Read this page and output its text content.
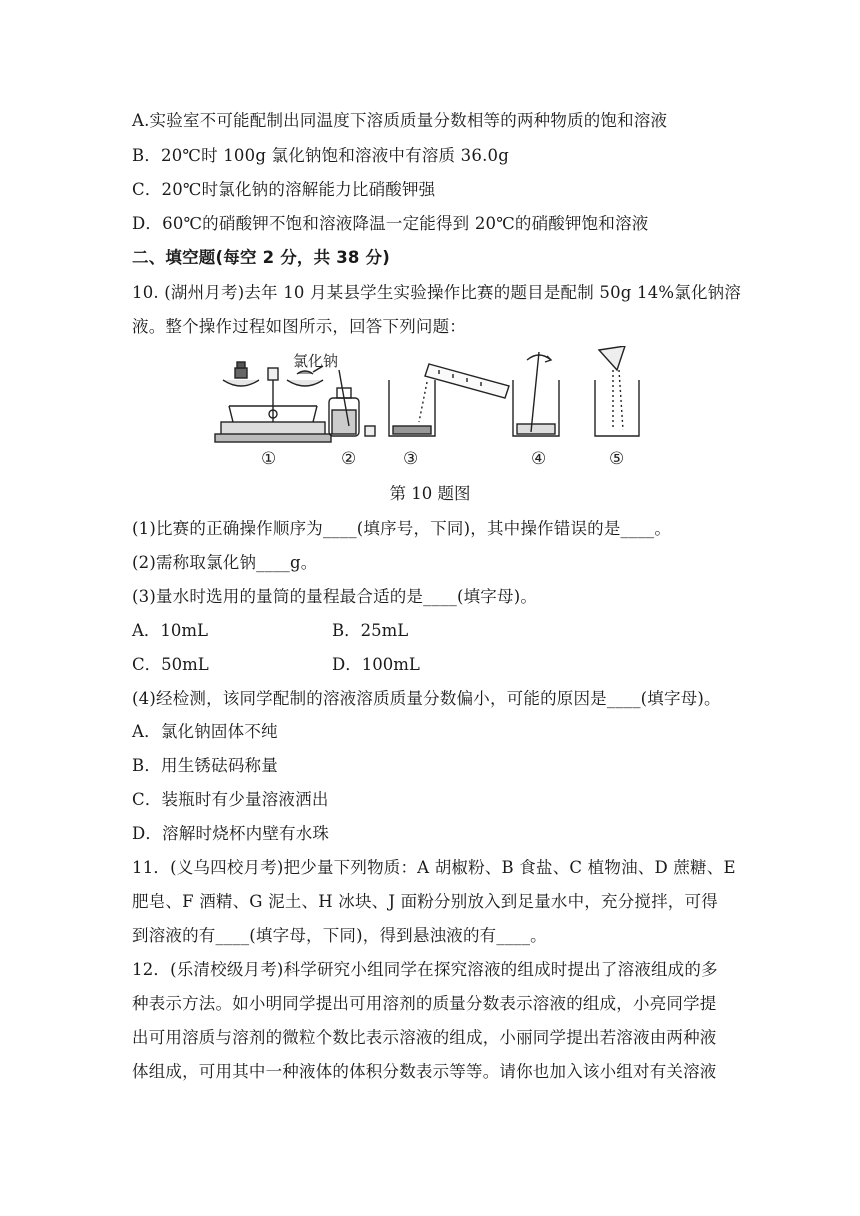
A.实验室不可能配制出同温度下溶质质量分数相等的两种物质的饱和溶液
B．20℃时 100g 氯化钠饱和溶液中有溶质 36.0g
C．20℃时氯化钠的溶解能力比硝酸钾强
D．60℃的硝酸钾不饱和溶液降温一定能得到 20℃的硝酸钾饱和溶液
二、填空题(每空 2 分，共 38 分)
10. (湖州月考)去年 10 月某县学生实验操作比赛的题目是配制 50g 14%氯化钠溶
液。整个操作过程如图所示，回答下列问题：
氯化钠
①	②	③	④	⑤
第 10 题图
(1)比赛的正确操作顺序为____(填序号，下同)，其中操作错误的是____。
(2)需称取氯化钠____g。
(3)量水时选用的量筒的量程最合适的是____(填字母)。
A．10mL	B．25mL
C．50mL	D．100mL
(4)经检测，该同学配制的溶液溶质质量分数偏小，可能的原因是____(填字母)。
A．氯化钠固体不纯
B．用生锈砝码称量
C．装瓶时有少量溶液洒出
D．溶解时烧杯内壁有水珠
11．(义乌四校月考)把少量下列物质：A 胡椒粉、B 食盐、C 植物油、D 蔗糖、E
肥皂、F 酒精、G 泥土、H 冰块、J 面粉分别放入到足量水中，充分搅拌，可得
到溶液的有____(填字母，下同)，得到悬浊液的有____。
12．(乐清校级月考)科学研究小组同学在探究溶液的组成时提出了溶液组成的多
种表示方法。如小明同学提出可用溶剂的质量分数表示溶液的组成，小亮同学提
出可用溶质与溶剂的微粒个数比表示溶液的组成，小丽同学提出若溶液由两种液
体组成，可用其中一种液体的体积分数表示等等。请你也加入该小组对有关溶液
